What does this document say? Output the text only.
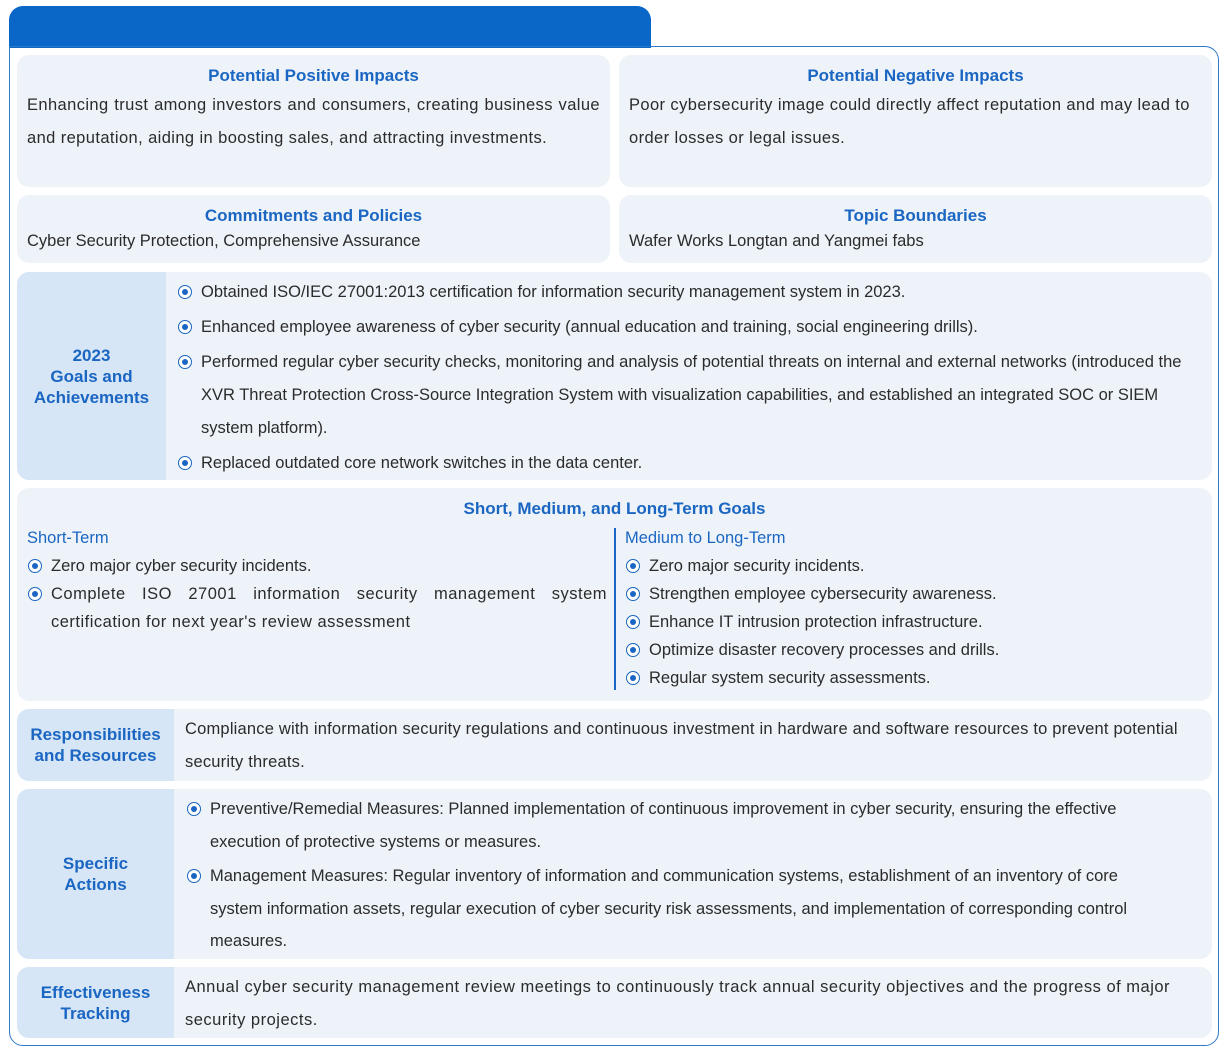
Potential Positive Impacts
Enhancing trust among investors and consumers, creating business value and reputation, aiding in boosting sales, and attracting investments.
Potential Negative Impacts
Poor cybersecurity image could directly affect reputation and may lead to order losses or legal issues.
Commitments and Policies
Cyber Security Protection, Comprehensive Assurance
Topic Boundaries
Wafer Works Longtan and Yangmei fabs
2023
Goals and
Achievements
Obtained ISO/IEC 27001:2013 certification for information security management system in 2023.
Enhanced employee awareness of cyber security (annual education and training, social engineering drills).
Performed regular cyber security checks, monitoring and analysis of potential threats on internal and external networks (introduced the XVR Threat Protection Cross-Source Integration System with visualization capabilities, and established an integrated SOC or SIEM system platform).
Replaced outdated core network switches in the data center.
Short, Medium, and Long-Term Goals
Short-Term
Zero major cyber security incidents.
Complete ISO 27001 information security management system certification for next year's review assessment
Medium to Long-Term
Zero major security incidents.
Strengthen employee cybersecurity awareness.
Enhance IT intrusion protection infrastructure.
Optimize disaster recovery processes and drills.
Regular system security assessments.
Responsibilities
and Resources
Compliance with information security regulations and continuous investment in hardware and software resources to prevent potential security threats.
Specific
Actions
Preventive/Remedial Measures: Planned implementation of continuous improvement in cyber security, ensuring the effective execution of protective systems or measures.
Management Measures: Regular inventory of information and communication systems, establishment of an inventory of core system information assets, regular execution of cyber security risk assessments, and implementation of corresponding control measures.
Effectiveness
Tracking
Annual cyber security management review meetings to continuously track annual security objectives and the progress of major security projects.
